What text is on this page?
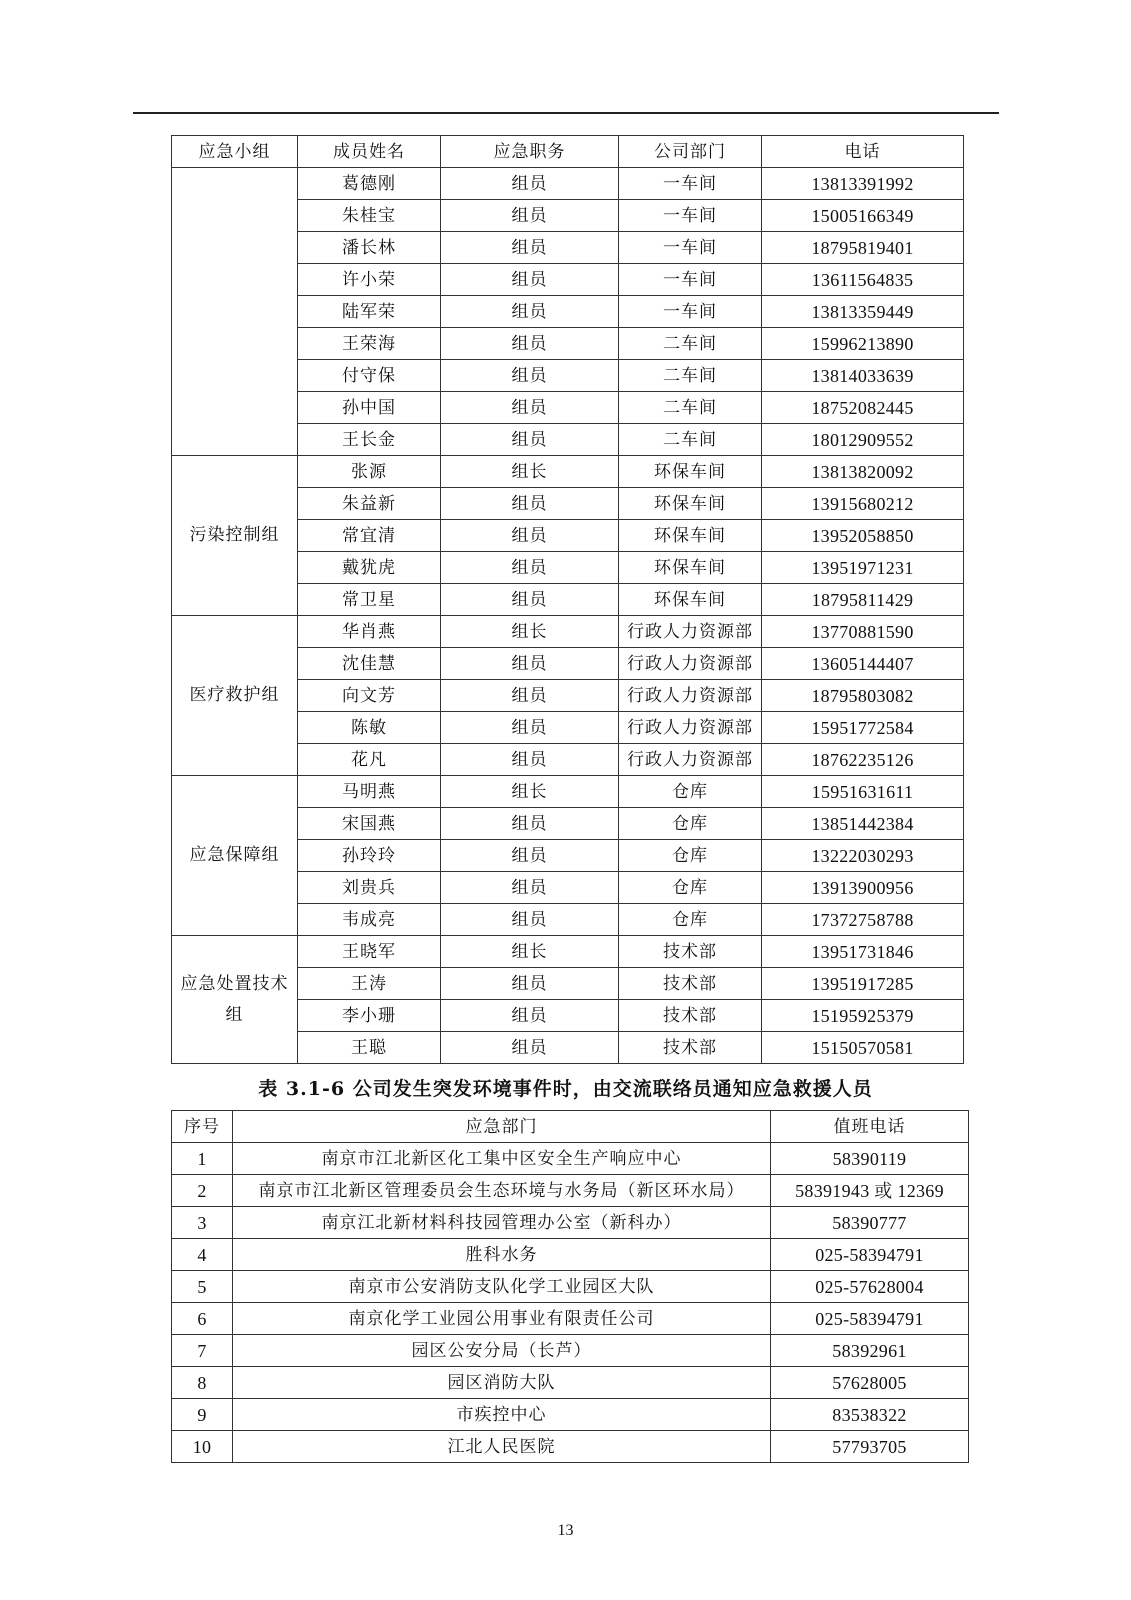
应急小组	成员姓名	应急职务	公司部门	电话
	葛德刚	组员	一车间	13813391992
	朱桂宝	组员	一车间	15005166349
	潘长林	组员	一车间	18795819401
	许小荣	组员	一车间	13611564835
	陆军荣	组员	一车间	13813359449
	王荣海	组员	二车间	15996213890
	付守保	组员	二车间	13814033639
	孙中国	组员	二车间	18752082445
	王长金	组员	二车间	18012909552
污染控制组	张源	组长	环保车间	13813820092
	朱益新	组员	环保车间	13915680212
	常宜清	组员	环保车间	13952058850
	戴犹虎	组员	环保车间	13951971231
	常卫星	组员	环保车间	18795811429
医疗救护组	华肖燕	组长	行政人力资源部	13770881590
	沈佳慧	组员	行政人力资源部	13605144407
	向文芳	组员	行政人力资源部	18795803082
	陈敏	组员	行政人力资源部	15951772584
	花凡	组员	行政人力资源部	18762235126
应急保障组	马明燕	组长	仓库	15951631611
	宋国燕	组员	仓库	13851442384
	孙玲玲	组员	仓库	13222030293
	刘贵兵	组员	仓库	13913900956
	韦成亮	组员	仓库	17372758788
应急处置技术组	王晓军	组长	技术部	13951731846
	王涛	组员	技术部	13951917285
	李小珊	组员	技术部	15195925379
	王聪	组员	技术部	15150570581
表 3.1-6 公司发生突发环境事件时，由交流联络员通知应急救援人员
序号	应急部门	值班电话
1	南京市江北新区化工集中区安全生产响应中心	58390119
2	南京市江北新区管理委员会生态环境与水务局（新区环水局）	58391943 或 12369
3	南京江北新材料科技园管理办公室（新科办）	58390777
4	胜科水务	025-58394791
5	南京市公安消防支队化学工业园区大队	025-57628004
6	南京化学工业园公用事业有限责任公司	025-58394791
7	园区公安分局（长芦）	58392961
8	园区消防大队	57628005
9	市疾控中心	83538322
10	江北人民医院	57793705
13
